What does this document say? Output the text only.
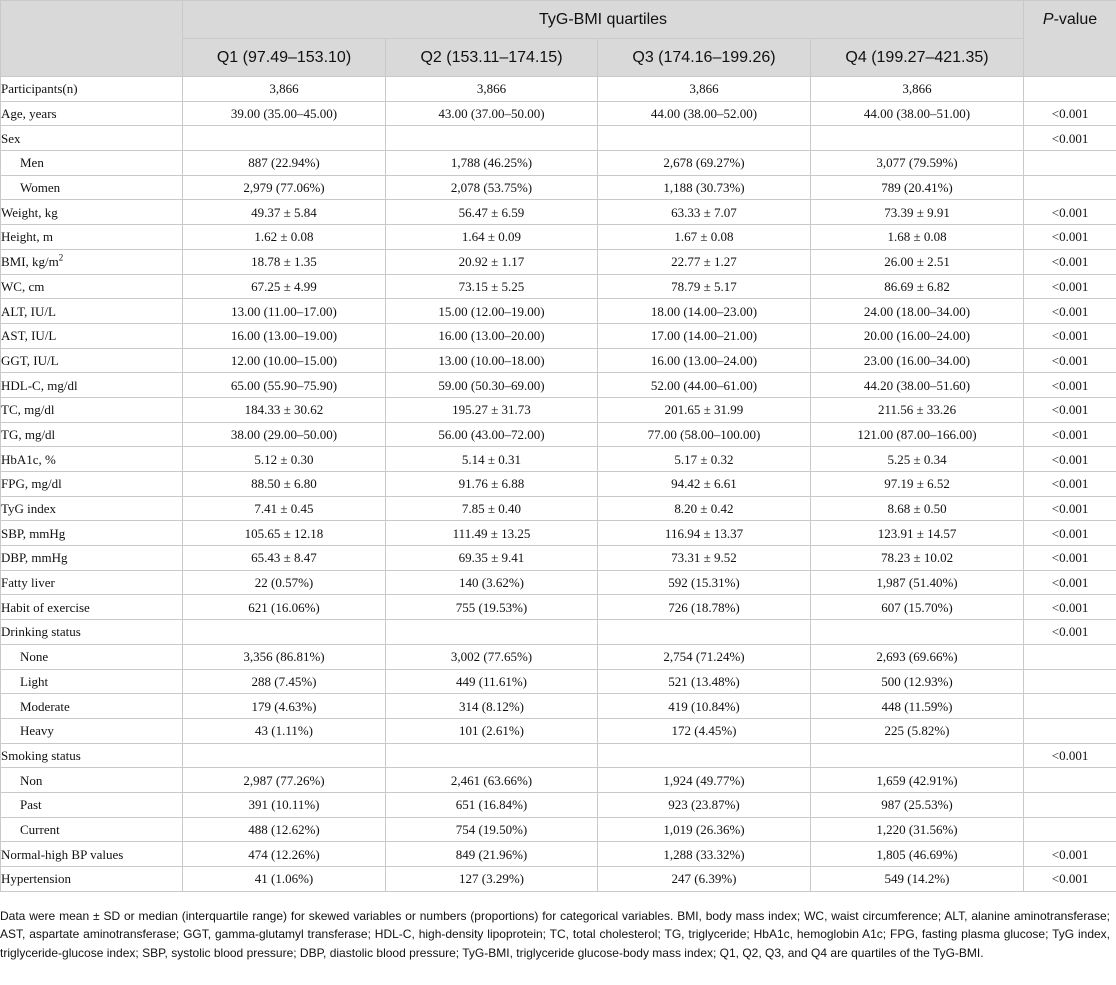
	TyG-BMI quartiles				P-value
	Q1 (97.49–153.10)	Q2 (153.11–174.15)	Q3 (174.16–199.26)	Q4 (199.27–421.35)	
Participants(n)	3,866	3,866	3,866	3,866	
Age, years	39.00 (35.00–45.00)	43.00 (37.00–50.00)	44.00 (38.00–52.00)	44.00 (38.00–51.00)	<0.001
Sex					<0.001
Men	887 (22.94%)	1,788 (46.25%)	2,678 (69.27%)	3,077 (79.59%)	
Women	2,979 (77.06%)	2,078 (53.75%)	1,188 (30.73%)	789 (20.41%)	
Weight, kg	49.37 ± 5.84	56.47 ± 6.59	63.33 ± 7.07	73.39 ± 9.91	<0.001
Height, m	1.62 ± 0.08	1.64 ± 0.09	1.67 ± 0.08	1.68 ± 0.08	<0.001
BMI, $kg/m^2$	18.78 ± 1.35	20.92 ± 1.17	22.77 ± 1.27	26.00 ± 2.51	<0.001
WC, cm	67.25 ± 4.99	73.15 ± 5.25	78.79 ± 5.17	86.69 ± 6.82	<0.001
ALT, IU/L	13.00 (11.00–17.00)	15.00 (12.00–19.00)	18.00 (14.00–23.00)	24.00 (18.00–34.00)	<0.001
AST, IU/L	16.00 (13.00–19.00)	16.00 (13.00–20.00)	17.00 (14.00–21.00)	20.00 (16.00–24.00)	<0.001
GGT, IU/L	12.00 (10.00–15.00)	13.00 (10.00–18.00)	16.00 (13.00–24.00)	23.00 (16.00–34.00)	<0.001
HDL-C, mg/dl	65.00 (55.90–75.90)	59.00 (50.30–69.00)	52.00 (44.00–61.00)	44.20 (38.00–51.60)	<0.001
TC, mg/dl	184.33 ± 30.62	195.27 ± 31.73	201.65 ± 31.99	211.56 ± 33.26	<0.001
TG, mg/dl	38.00 (29.00–50.00)	56.00 (43.00–72.00)	77.00 (58.00–100.00)	121.00 (87.00–166.00)	<0.001
HbA1c, %	5.12 ± 0.30	5.14 ± 0.31	5.17 ± 0.32	5.25 ± 0.34	<0.001
FPG, mg/dl	88.50 ± 6.80	91.76 ± 6.88	94.42 ± 6.61	97.19 ± 6.52	<0.001
TyG index	7.41 ± 0.45	7.85 ± 0.40	8.20 ± 0.42	8.68 ± 0.50	<0.001
SBP, mmHg	105.65 ± 12.18	111.49 ± 13.25	116.94 ± 13.37	123.91 ± 14.57	<0.001
DBP, mmHg	65.43 ± 8.47	69.35 ± 9.41	73.31 ± 9.52	78.23 ± 10.02	<0.001
Fatty liver	22 (0.57%)	140 (3.62%)	592 (15.31%)	1,987 (51.40%)	<0.001
Habit of exercise	621 (16.06%)	755 (19.53%)	726 (18.78%)	607 (15.70%)	<0.001
Drinking status					<0.001
None	3,356 (86.81%)	3,002 (77.65%)	2,754 (71.24%)	2,693 (69.66%)	
Light	288 (7.45%)	449 (11.61%)	521 (13.48%)	500 (12.93%)	
Moderate	179 (4.63%)	314 (8.12%)	419 (10.84%)	448 (11.59%)	
Heavy	43 (1.11%)	101 (2.61%)	172 (4.45%)	225 (5.82%)	
Smoking status					<0.001
Non	2,987 (77.26%)	2,461 (63.66%)	1,924 (49.77%)	1,659 (42.91%)	
Past	391 (10.11%)	651 (16.84%)	923 (23.87%)	987 (25.53%)	
Current	488 (12.62%)	754 (19.50%)	1,019 (26.36%)	1,220 (31.56%)	
Normal-high BP values	474 (12.26%)	849 (21.96%)	1,288 (33.32%)	1,805 (46.69%)	<0.001
Hypertension	41 (1.06%)	127 (3.29%)	247 (6.39%)	549 (14.2%)	<0.001
Data were mean ± SD or median (interquartile range) for skewed variables or numbers (proportions) for categorical variables. BMI, body mass index; WC, waist circumference; ALT, alanine aminotransferase; AST, aspartate aminotransferase; GGT, gamma-glutamyl transferase; HDL-C, high-density lipoprotein; TC, total cholesterol; TG, triglyceride; HbA1c, hemoglobin A1c; FPG, fasting plasma glucose; TyG index, triglyceride-glucose index; SBP, systolic blood pressure; DBP, diastolic blood pressure; TyG-BMI, triglyceride glucose-body mass index; Q1, Q2, Q3, and Q4 are quartiles of the TyG-BMI.
